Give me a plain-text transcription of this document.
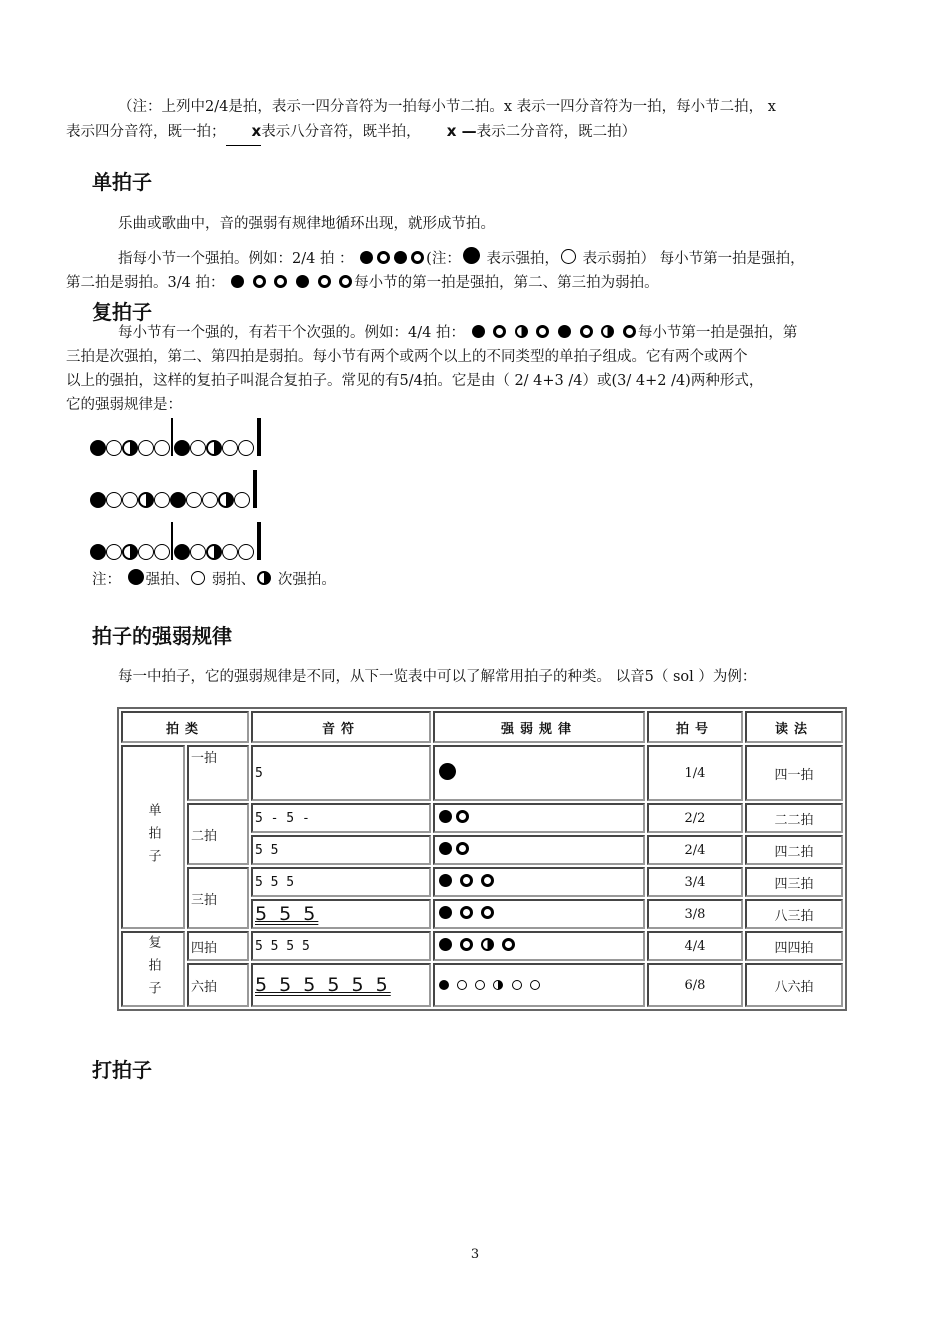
（注：上列中2/4是拍，表示一四分音符为一拍每小节二拍。x 表示一四分音符为一拍，每小节二拍， x
表示四分音符，既一拍； x
表示八分音符，既半拍， x —表示二分音符，既二拍）
单拍子
乐曲或歌曲中，音的强弱有规律地循环出现，就形成节拍。
指每小节一个强拍。例如：2/4 拍 ：	(注： 表示强拍， 表示弱拍） 每小节第一拍是强拍，
第二拍是弱拍。3/4 拍：	每小节的第一拍是强拍，第二、第三拍为弱拍。
复拍子
每小节有一个强的，有若干个次强的。例如：4/4 拍：	每小节第一拍是强拍，第
三拍是次强拍，第二、第四拍是弱拍。每小节有两个或两个以上的不同类型的单拍子组成。它有两个或两个
以上的强拍，这样的复拍子叫混合复拍子。常见的有5/4拍。它是由（ 2/ 4+3 /4）或(3/ 4+2 /4)两种形式，
它的强弱规律是：
注： 强拍、 弱拍、 次强拍。
拍子的强弱规律
每一中拍子，它的强弱规律是不同，从下一览表中可以了解常用拍子的种类。 以音5（ sol ）为例：
拍类		音符	强弱规律	拍号	读法
单拍子	一拍	5		1/4	四一拍
	二拍	5 - 5 -		2/2	二二拍
		5 5		2/4	四二拍
	三拍	5 5 5		3/4	四三拍
		5 5 5		3/8	八三拍
复拍子	四拍	5 5 5 5		4/4	四四拍
	六拍	5 5 5 5 5 5		6/8	八六拍
打拍子
3
